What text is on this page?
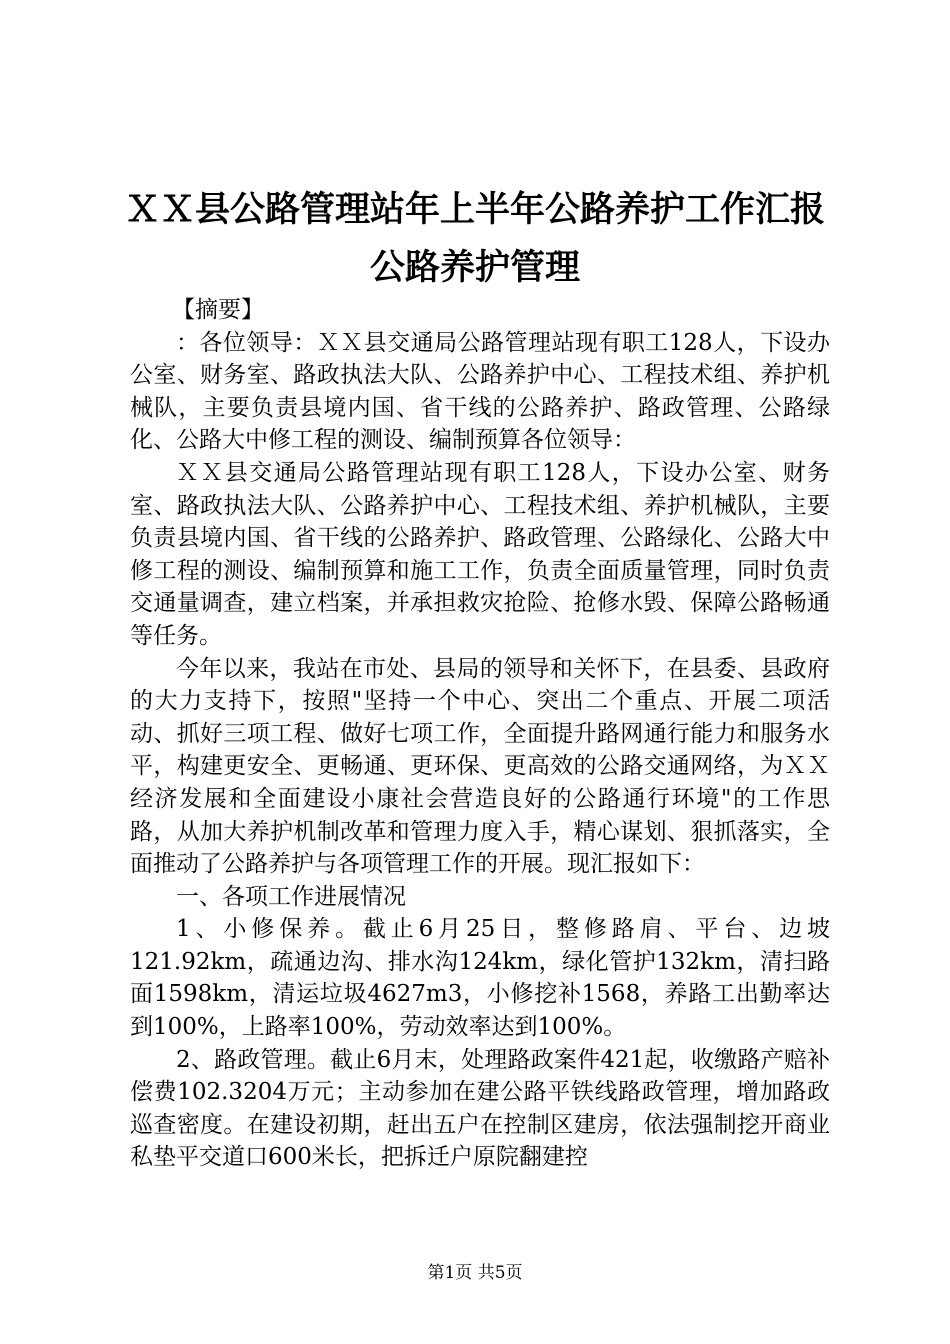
ＸＸ县公路管理站年上半年公路养护工作汇报
公路养护管理

【摘要】

：各位领导：ＸＸ县交通局公路管理站现有职工128人，下设办公室、财务室、路政执法大队、公路养护中心、工程技术组、养护机械队，主要负责县境内国、省干线的公路养护、路政管理、公路绿化、公路大中修工程的测设、编制预算各位领导：

ＸＸ县交通局公路管理站现有职工128人，下设办公室、财务室、路政执法大队、公路养护中心、工程技术组、养护机械队，主要负责县境内国、省干线的公路养护、路政管理、公路绿化、公路大中修工程的测设、编制预算和施工工作，负责全面质量管理，同时负责交通量调查，建立档案，并承担救灾抢险、抢修水毁、保障公路畅通等任务。

今年以来，我站在市处、县局的领导和关怀下，在县委、县政府的大力支持下，按照"坚持一个中心、突出二个重点、开展二项活动、抓好三项工程、做好七项工作，全面提升路网通行能力和服务水平，构建更安全、更畅通、更环保、更高效的公路交通网络，为ＸＸ经济发展和全面建设小康社会营造良好的公路通行环境"的工作思路，从加大养护机制改革和管理力度入手，精心谋划、狠抓落实，全面推动了公路养护与各项管理工作的开展。现汇报如下：

一、各项工作进展情况

1、小修保养。截止6月25日，整修路肩、平台、边坡121.92km，疏通边沟、排水沟124km，绿化管护132km，清扫路面1598km，清运垃圾4627m3，小修挖补1568，养路工出勤率达到100%，上路率100%，劳动效率达到100%。

2、路政管理。截止6月末，处理路政案件421起，收缴路产赔补偿费102.3204万元；主动参加在建公路平铁线路政管理，增加路政巡查密度。在建设初期，赶出五户在控制区建房，依法强制挖开商业私垫平交道口600米长，把拆迁户原院翻建控

第1页 共5页
